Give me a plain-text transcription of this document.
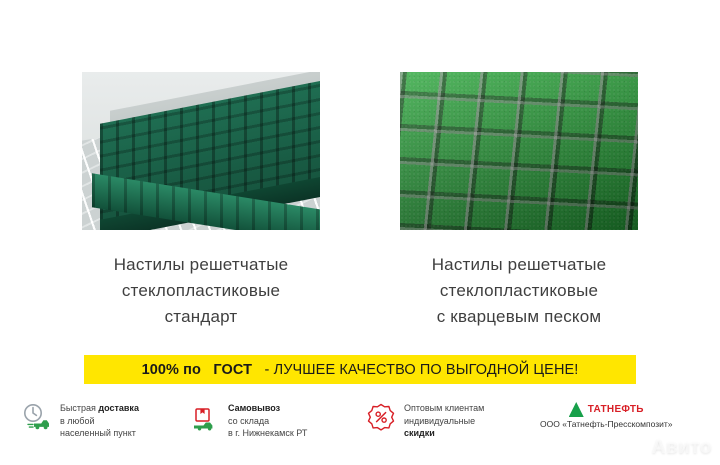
Настилы решетчатые
стеклопластиковые
стандарт
Настилы решетчатые
стеклопластиковые
с кварцевым песком
100% по ГОСТ - ЛУЧШЕЕ КАЧЕСТВО ПО ВЫГОДНОЙ ЦЕНЕ!
Быстрая доставка
в любой
населенный пункт
Самовывоз
со склада
в г. Нижнекамск РТ
Оптовым клиентам
индивидуальные
скидки
ТАТНЕФТЬ
ООО «Татнефть-Пресскомпозит»
Авито
